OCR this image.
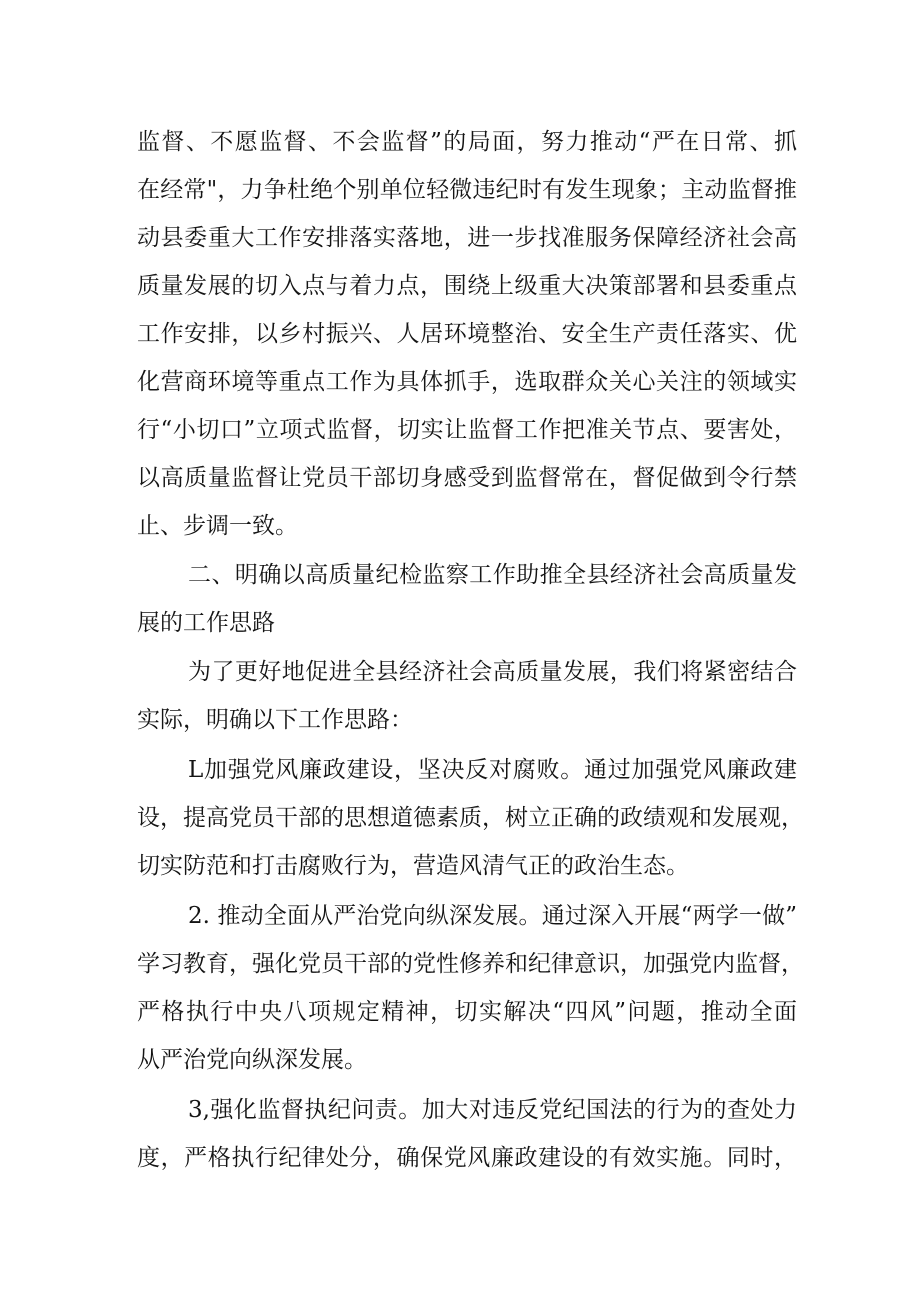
监督、不愿监督、不会监督”的局面，努力推动“严在日常、抓
在经常"，力争杜绝个别单位轻微违纪时有发生现象；主动监督推
动县委重大工作安排落实落地，进一步找准服务保障经济社会高
质量发展的切入点与着力点，围绕上级重大决策部署和县委重点
工作安排，以乡村振兴、人居环境整治、安全生产责任落实、优
化营商环境等重点工作为具体抓手，选取群众关心关注的领域实
行“小切口”立项式监督，切实让监督工作把准关节点、要害处，
以高质量监督让党员干部切身感受到监督常在，督促做到令行禁
止、步调一致。
二、明确以高质量纪检监察工作助推全县经济社会高质量发
展的工作思路
为了更好地促进全县经济社会高质量发展，我们将紧密结合
实际，明确以下工作思路：
L加强党风廉政建设，坚决反对腐败。通过加强党风廉政建
设，提高党员干部的思想道德素质，树立正确的政绩观和发展观，
切实防范和打击腐败行为，营造风清气正的政治生态。
2. 推动全面从严治党向纵深发展。通过深入开展“两学一做”
学习教育，强化党员干部的党性修养和纪律意识，加强党内监督，
严格执行中央八项规定精神，切实解决“四风”问题，推动全面
从严治党向纵深发展。
3,强化监督执纪问责。加大对违反党纪国法的行为的查处力
度，严格执行纪律处分，确保党风廉政建设的有效实施。同时，
